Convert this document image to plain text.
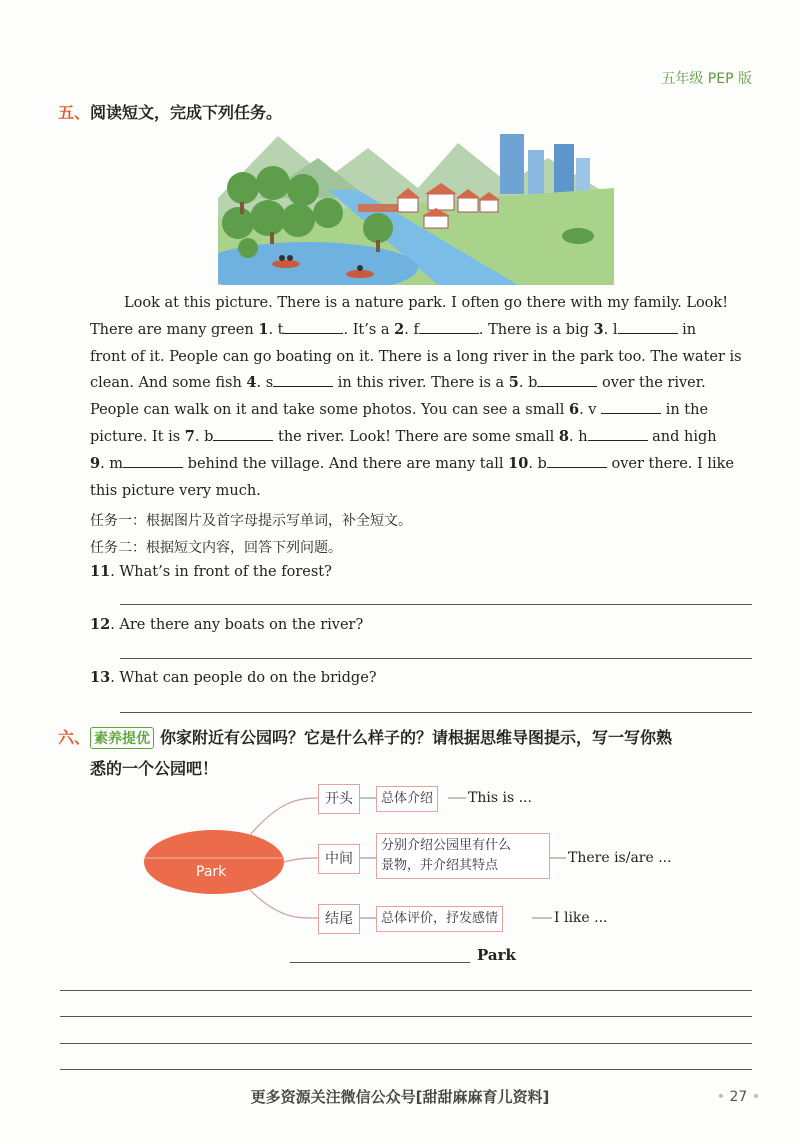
五年级 PEP 版
五、阅读短文，完成下列任务。

Look at this picture. There is a nature park. I often go there with my family. Look!

There are many green 1. t	. It’s a 2. f	. There is a big 3. l	in

front of it. People can go boating on it. There is a long river in the park too. The water is

clean. And some fish 4. s	in this river. There is a 5. b	over the river.

People can walk on it and take some photos. You can see a small 6. v	in the

picture. It is 7. b	the river. Look! There are some small 8. h	and high

9. m	behind the village. And there are many tall 10. b	over there. I like

this picture very much.

任务一：根据图片及首字母提示写单词，补全短文。
任务二：根据短文内容，回答下列问题。
11. What’s in front of the forest?
12. Are there any boats on the river?
13. What can people do on the bridge?
六、 素养提优 你家附近有公园吗？它是什么样子的？请根据思维导图提示，写一写你熟
悉的一个公园吧！
Park
开头	总体介绍	This is ...
中间
分别介绍公园里有什么
景物，并介绍其特点	There is/are ...
结尾	总体评价，抒发感情	I like ...
Park
更多资源关注微信公众号[甜甜麻麻育儿资料]	• 27 •
